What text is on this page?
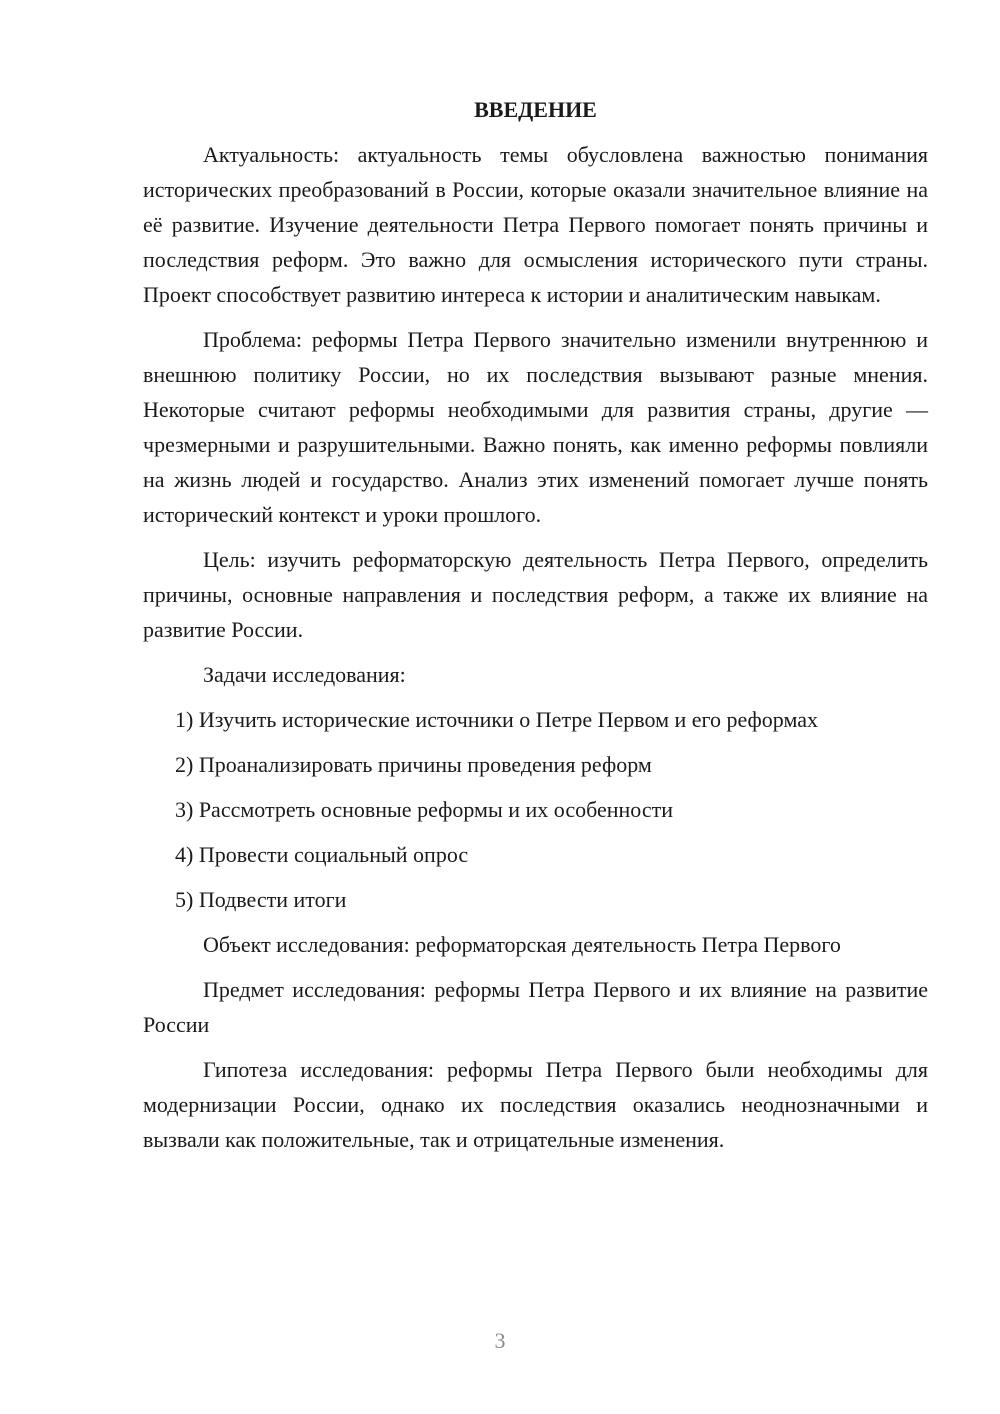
ВВЕДЕНИЕ

Актуальность: актуальность темы обусловлена важностью понимания исторических преобразований в России, которые оказали значительное влияние на её развитие. Изучение деятельности Петра Первого помогает понять причины и последствия реформ. Это важно для осмысления исторического пути страны. Проект способствует развитию интереса к истории и аналитическим навыкам.

Проблема: реформы Петра Первого значительно изменили внутреннюю и внешнюю политику России, но их последствия вызывают разные мнения. Некоторые считают реформы необходимыми для развития страны, другие — чрезмерными и разрушительными. Важно понять, как именно реформы повлияли на жизнь людей и государство. Анализ этих изменений помогает лучше понять исторический контекст и уроки прошлого.

Цель: изучить реформаторскую деятельность Петра Первого, определить причины, основные направления и последствия реформ, а также их влияние на развитие России.

Задачи исследования:

1) Изучить исторические источники о Петре Первом и его реформах
2) Проанализировать причины проведения реформ
3) Рассмотреть основные реформы и их особенности
4) Провести социальный опрос
5) Подвести итоги

Объект исследования: реформаторская деятельность Петра Первого

Предмет исследования: реформы Петра Первого и их влияние на развитие России

Гипотеза исследования: реформы Петра Первого были необходимы для модернизации России, однако их последствия оказались неоднозначными и вызвали как положительные, так и отрицательные изменения.

3
